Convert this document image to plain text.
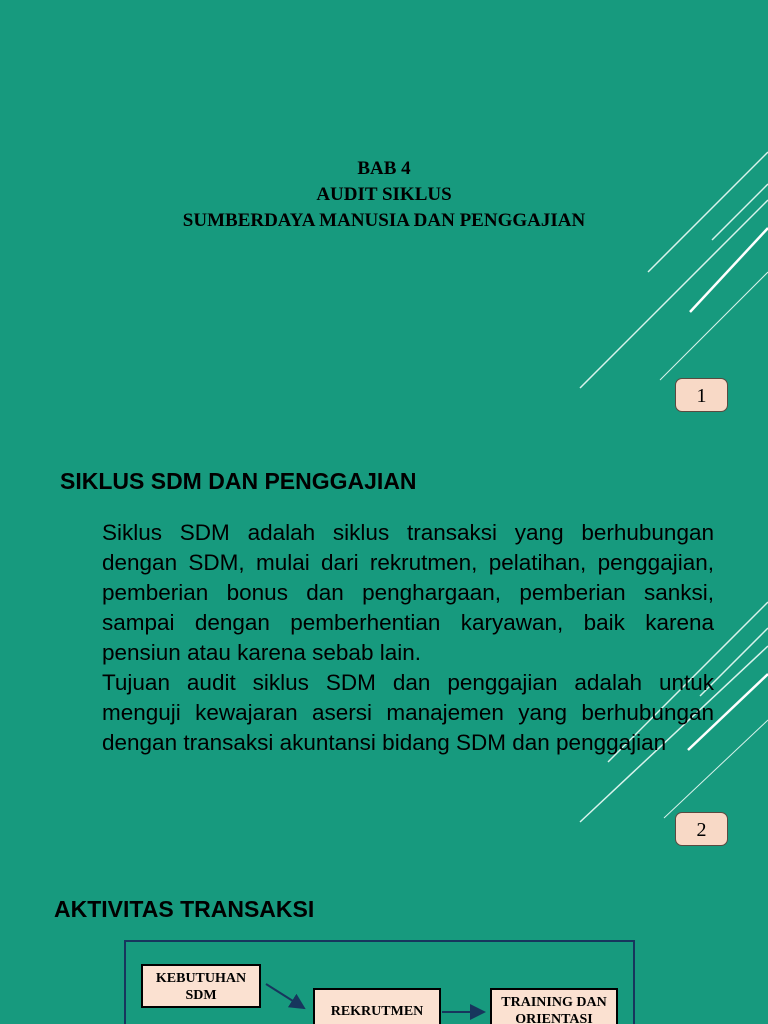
BAB 4
AUDIT SIKLUS
SUMBERDAYA MANUSIA DAN PENGGAJIAN
1
SIKLUS SDM DAN PENGGAJIAN
Siklus SDM adalah siklus transaksi yang berhubungan dengan SDM, mulai dari rekrutmen, pelatihan, penggajian, pemberian bonus dan penghargaan, pemberian sanksi, sampai dengan pemberhentian karyawan, baik karena pensiun atau karena sebab lain.
Tujuan audit siklus SDM dan penggajian adalah untuk menguji kewajaran asersi manajemen yang berhubungan dengan transaksi akuntansi bidang SDM dan penggajian
2
AKTIVITAS TRANSAKSI
KEBUTUHAN SDM
REKRUTMEN
TRAINING DAN ORIENTASI
